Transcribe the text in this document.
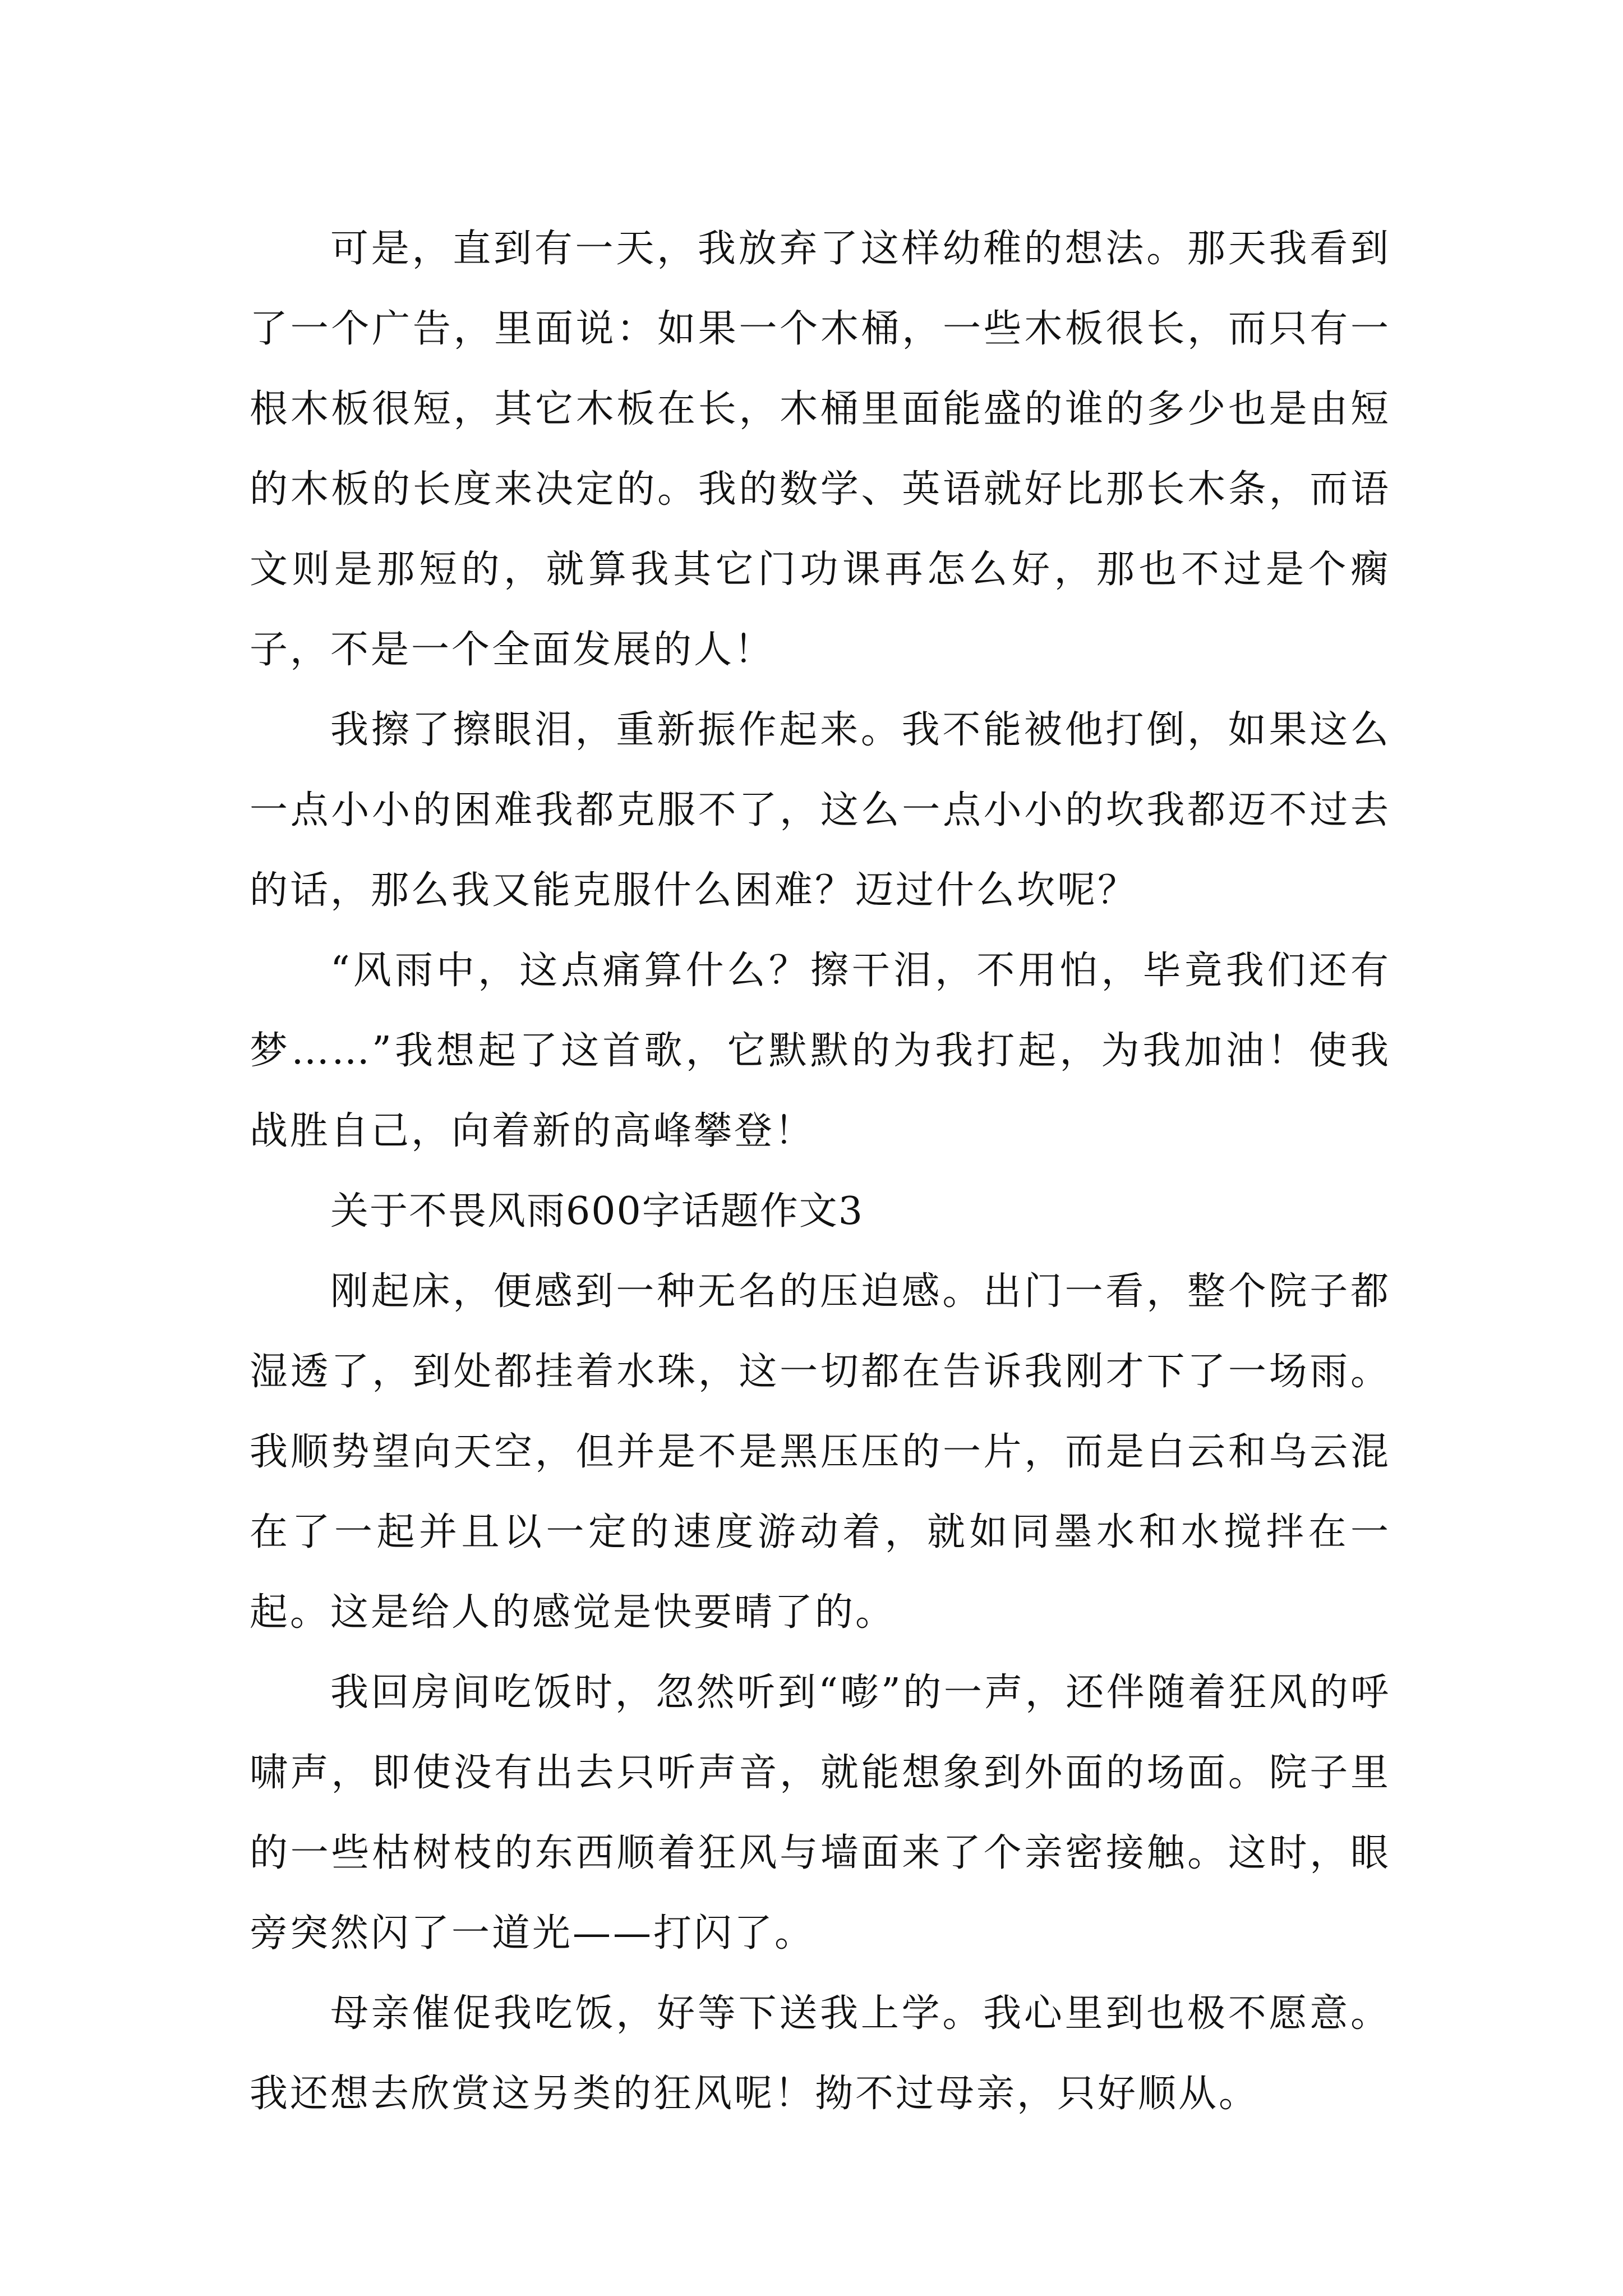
可是，直到有一天，我放弃了这样幼稚的想法。那天我看到了一个广告，里面说：如果一个木桶，一些木板很长，而只有一根木板很短，其它木板在长，木桶里面能盛的谁的多少也是由短的木板的长度来决定的。我的数学、英语就好比那长木条，而语文则是那短的，就算我其它门功课再怎么好，那也不过是个瘸子，不是一个全面发展的人！

我擦了擦眼泪，重新振作起来。我不能被他打倒，如果这么一点小小的困难我都克服不了，这么一点小小的坎我都迈不过去的话，那么我又能克服什么困难？迈过什么坎呢？

“风雨中，这点痛算什么？擦干泪，不用怕，毕竟我们还有梦……”我想起了这首歌，它默默的为我打起，为我加油！使我战胜自己，向着新的高峰攀登！

关于不畏风雨600字话题作文3

刚起床，便感到一种无名的压迫感。出门一看，整个院子都湿透了，到处都挂着水珠，这一切都在告诉我刚才下了一场雨。我顺势望向天空，但并是不是黑压压的一片，而是白云和乌云混在了一起并且以一定的速度游动着，就如同墨水和水搅拌在一起。这是给人的感觉是快要晴了的。

我回房间吃饭时，忽然听到“嘭”的一声，还伴随着狂风的呼啸声，即使没有出去只听声音，就能想象到外面的场面。院子里的一些枯树枝的东西顺着狂风与墙面来了个亲密接触。这时，眼旁突然闪了一道光——打闪了。

母亲催促我吃饭，好等下送我上学。我心里到也极不愿意。我还想去欣赏这另类的狂风呢！拗不过母亲，只好顺从。
